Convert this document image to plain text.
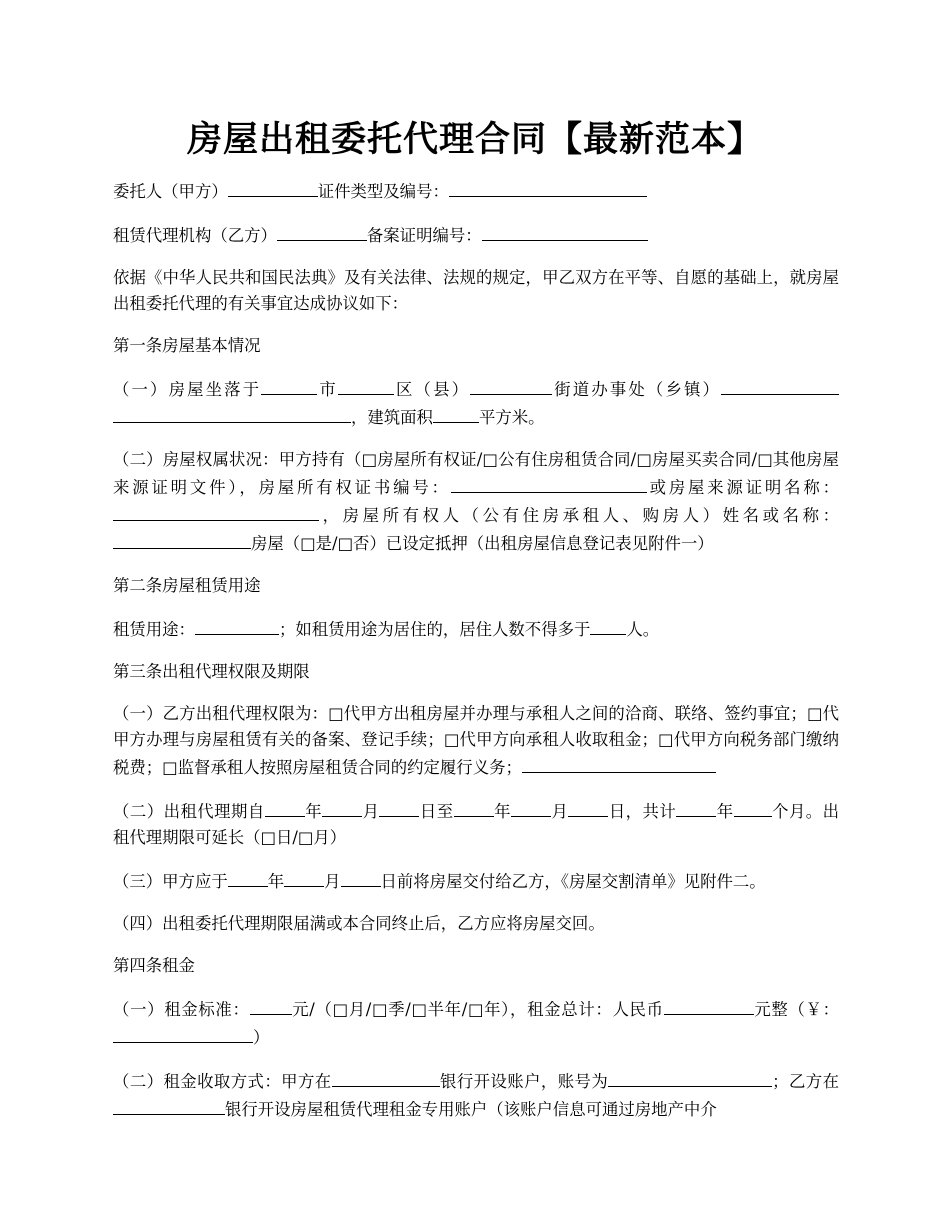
房屋出租委托代理合同【最新范本】

委托人（甲方）	证件类型及编号：

租赁代理机构（乙方）	备案证明编号：

依据《中华人民共和国民法典》及有关法律、法规的规定，甲乙双方在平等、自愿的基础上，就房屋出租委托代理的有关事宜达成协议如下：

第一条房屋基本情况

（一）房屋坐落于	市	区（县）	街道办事处（乡镇），建筑面积	平方米。

（二）房屋权属状况：甲方持有（□房屋所有权证/□公有住房租赁合同/□房屋买卖合同/□其他房屋来源证明文件），房屋所有权证书编号：	或房屋来源证明名称：，房屋所有权人（公有住房承租人、购房人）姓名或名称：房屋（□是/□否）已设定抵押（出租房屋信息登记表见附件一）

第二条房屋租赁用途

租赁用途：	；如租赁用途为居住的，居住人数不得多于 人。

第三条出租代理权限及期限

（一）乙方出租代理权限为：□代甲方出租房屋并办理与承租人之间的洽商、联络、签约事宜；□代甲方办理与房屋租赁有关的备案、登记手续；□代甲方向承租人收取租金；□代甲方向税务部门缴纳税费；□监督承租人按照房屋租赁合同的约定履行义务；

（二）出租代理期自 年 月 日至 年 月 日，共计 年 个月。出租代理期限可延长（□日/□月）

（三）甲方应于 年 月 日前将房屋交付给乙方，《房屋交割清单》见附件二。

（四）出租委托代理期限届满或本合同终止后，乙方应将房屋交回。

第四条租金

（一）租金标准：	元/（□月/□季/□半年/□年），租金总计：人民币	元整（￥：）

（二）租金收取方式：甲方在	银行开设账户，账号为	；乙方在银行开设房屋租赁代理租金专用账户（该账户信息可通过房地产中介
